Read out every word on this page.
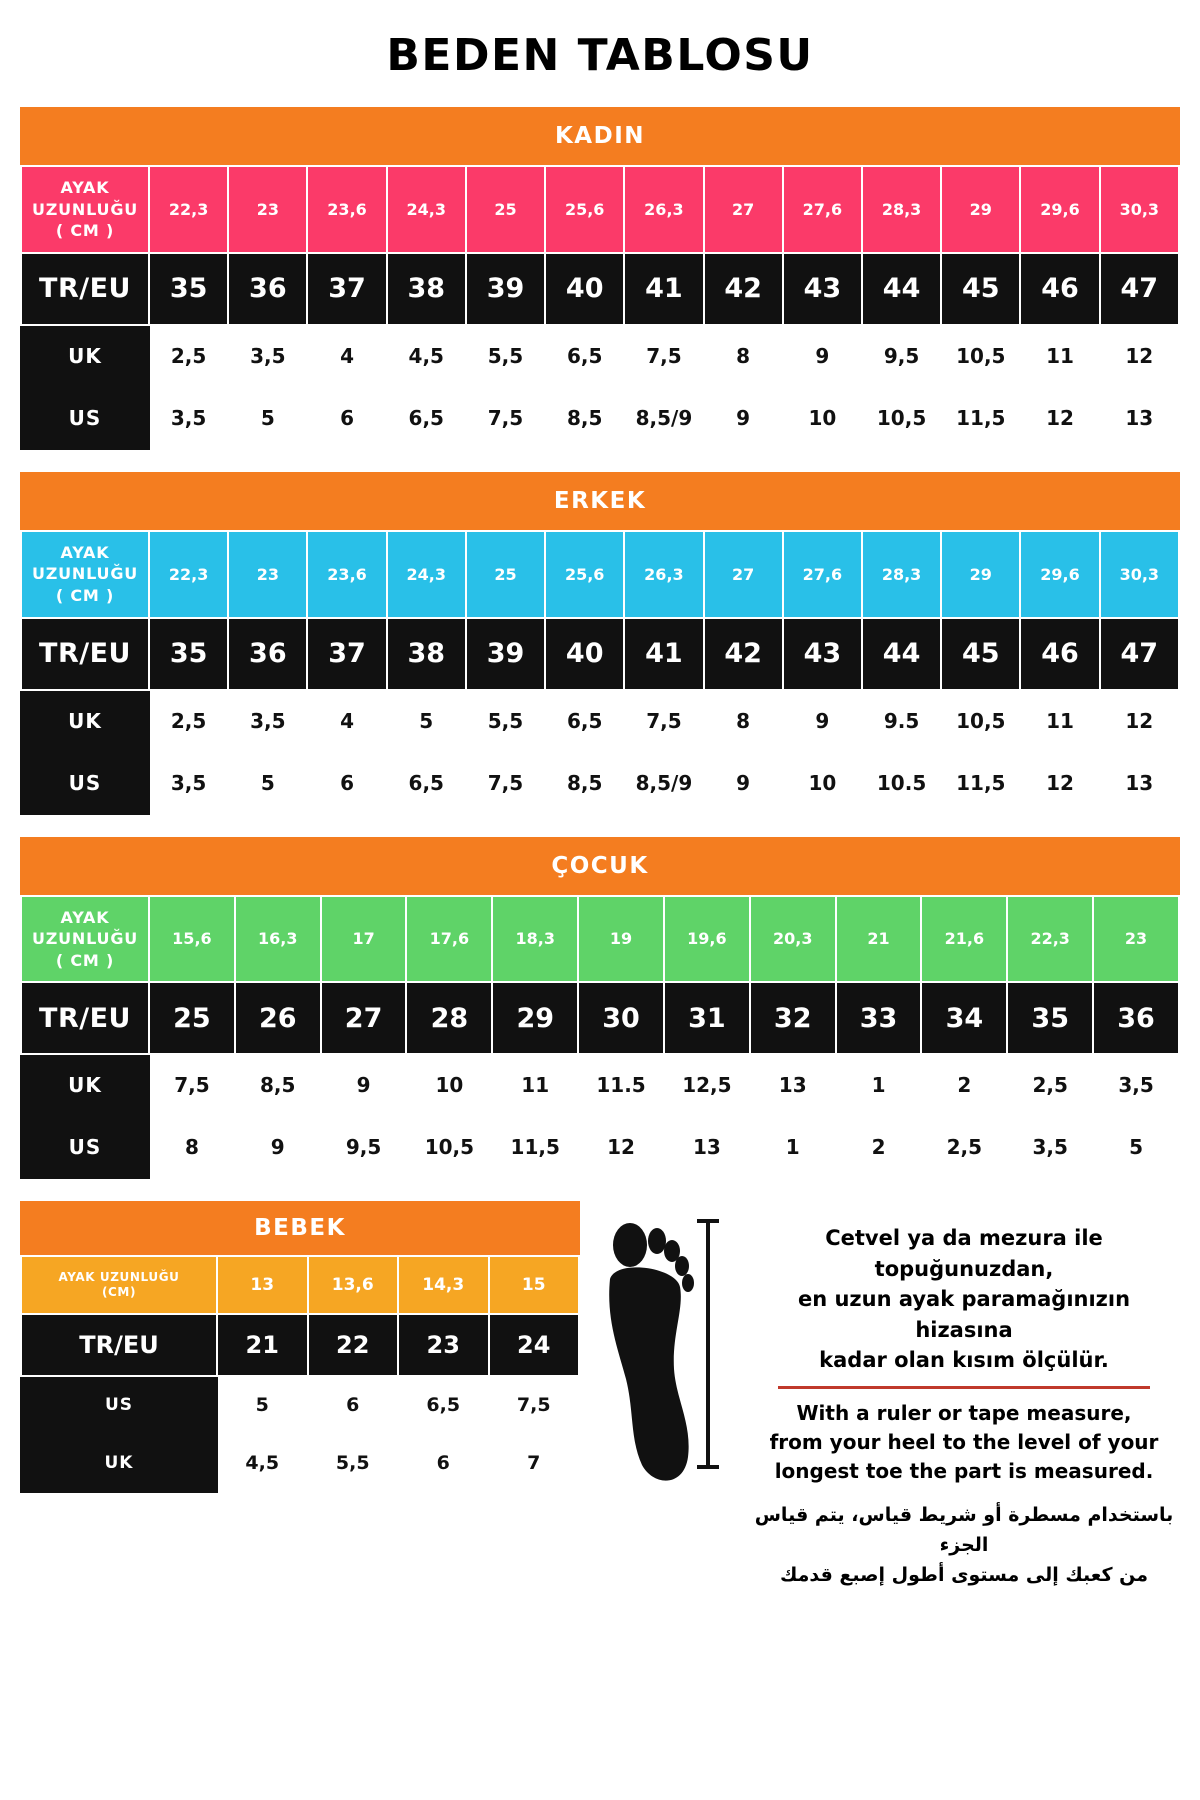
BEDEN TABLOSU
KADIN
AYAK
UZUNLUĞU
( CM )	22,3	23	23,6	24,3	25	25,6	26,3	27	27,6	28,3	29	29,6	30,3
TR/EU	35	36	37	38	39	40	41	42	43	44	45	46	47
UK	2,5	3,5	4	4,5	5,5	6,5	7,5	8	9	9,5	10,5	11	12
US	3,5	5	6	6,5	7,5	8,5	8,5/9	9	10	10,5	11,5	12	13
ERKEK
AYAK
UZUNLUĞU
( CM )	22,3	23	23,6	24,3	25	25,6	26,3	27	27,6	28,3	29	29,6	30,3
TR/EU	35	36	37	38	39	40	41	42	43	44	45	46	47
UK	2,5	3,5	4	5	5,5	6,5	7,5	8	9	9.5	10,5	11	12
US	3,5	5	6	6,5	7,5	8,5	8,5/9	9	10	10.5	11,5	12	13
ÇOCUK
AYAK
UZUNLUĞU
( CM )	15,6	16,3	17	17,6	18,3	19	19,6	20,3	21	21,6	22,3	23
TR/EU	25	26	27	28	29	30	31	32	33	34	35	36
UK	7,5	8,5	9	10	11	11.5	12,5	13	1	2	2,5	3,5
US	8	9	9,5	10,5	11,5	12	13	1	2	2,5	3,5	5
BEBEK
AYAK UZUNLUĞU
(CM)	13	13,6	14,3	15
TR/EU	21	22	23	24
US	5	6	6,5	7,5
UK	4,5	5,5	6	7
Cetvel ya da mezura ile topuğunuzdan,
en uzun ayak paramağınızın hizasına
kadar olan kısım ölçülür.
With a ruler or tape measure,
from your heel to the level of your
longest toe the part is measured.
باستخدام مسطرة أو شريط قياس، يتم قياس الجزء
من كعبك إلى مستوى أطول إصبع قدمك
